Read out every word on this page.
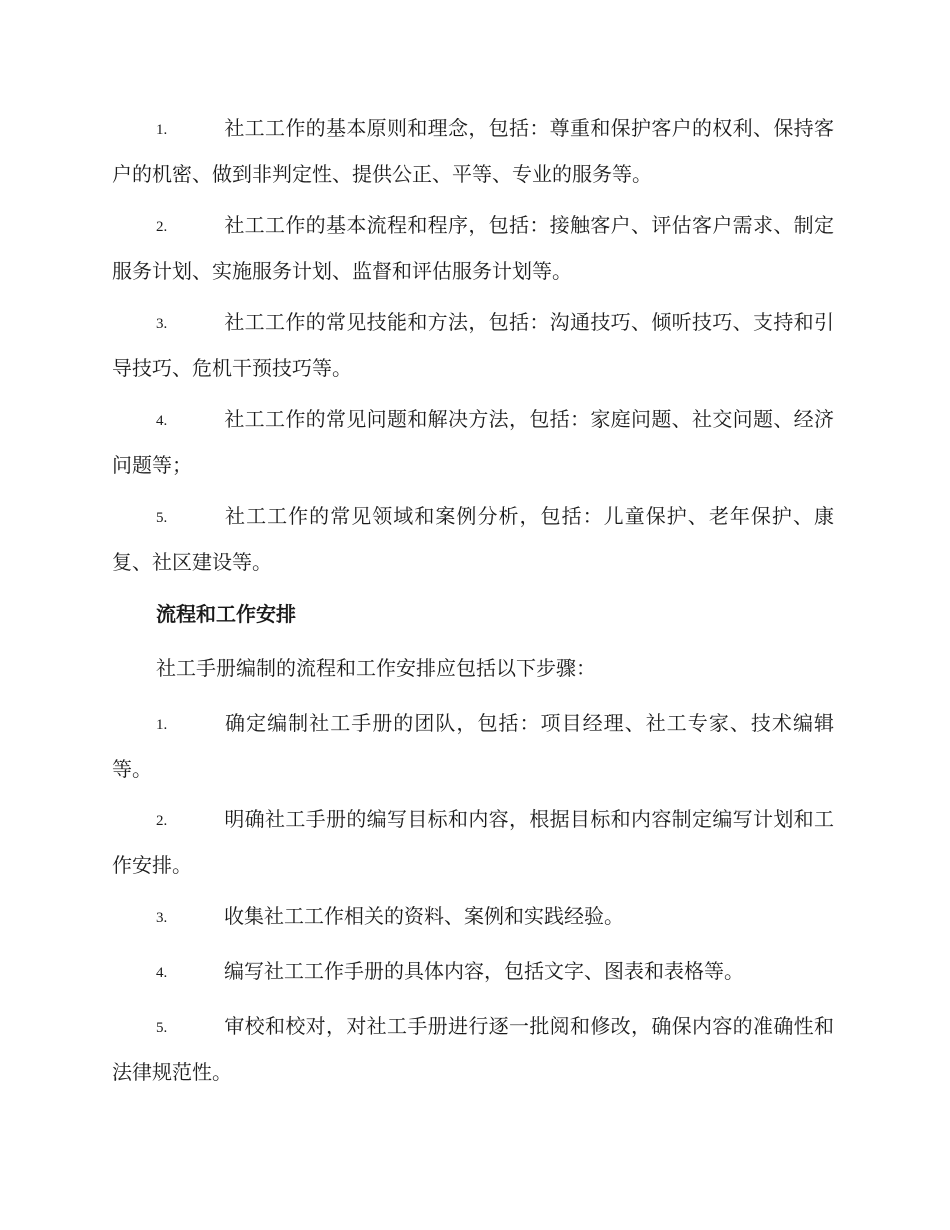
1.	社工工作的基本原则和理念，包括：尊重和保护客户的权利、保持客户的机密、做到非判定性、提供公正、平等、专业的服务等。

2.	社工工作的基本流程和程序，包括：接触客户、评估客户需求、制定服务计划、实施服务计划、监督和评估服务计划等。

3.	社工工作的常见技能和方法，包括：沟通技巧、倾听技巧、支持和引导技巧、危机干预技巧等。

4.	社工工作的常见问题和解决方法，包括：家庭问题、社交问题、经济问题等；

5.	社工工作的常见领域和案例分析，包括：儿童保护、老年保护、康复、社区建设等。

流程和工作安排
社工手册编制的流程和工作安排应包括以下步骤：

1.	确定编制社工手册的团队，包括：项目经理、社工专家、技术编辑等。

2.	明确社工手册的编写目标和内容，根据目标和内容制定编写计划和工作安排。

3.	收集社工工作相关的资料、案例和实践经验。

4.	编写社工工作手册的具体内容，包括文字、图表和表格等。

5.	审校和校对，对社工手册进行逐一批阅和修改，确保内容的准确性和法律规范性。
